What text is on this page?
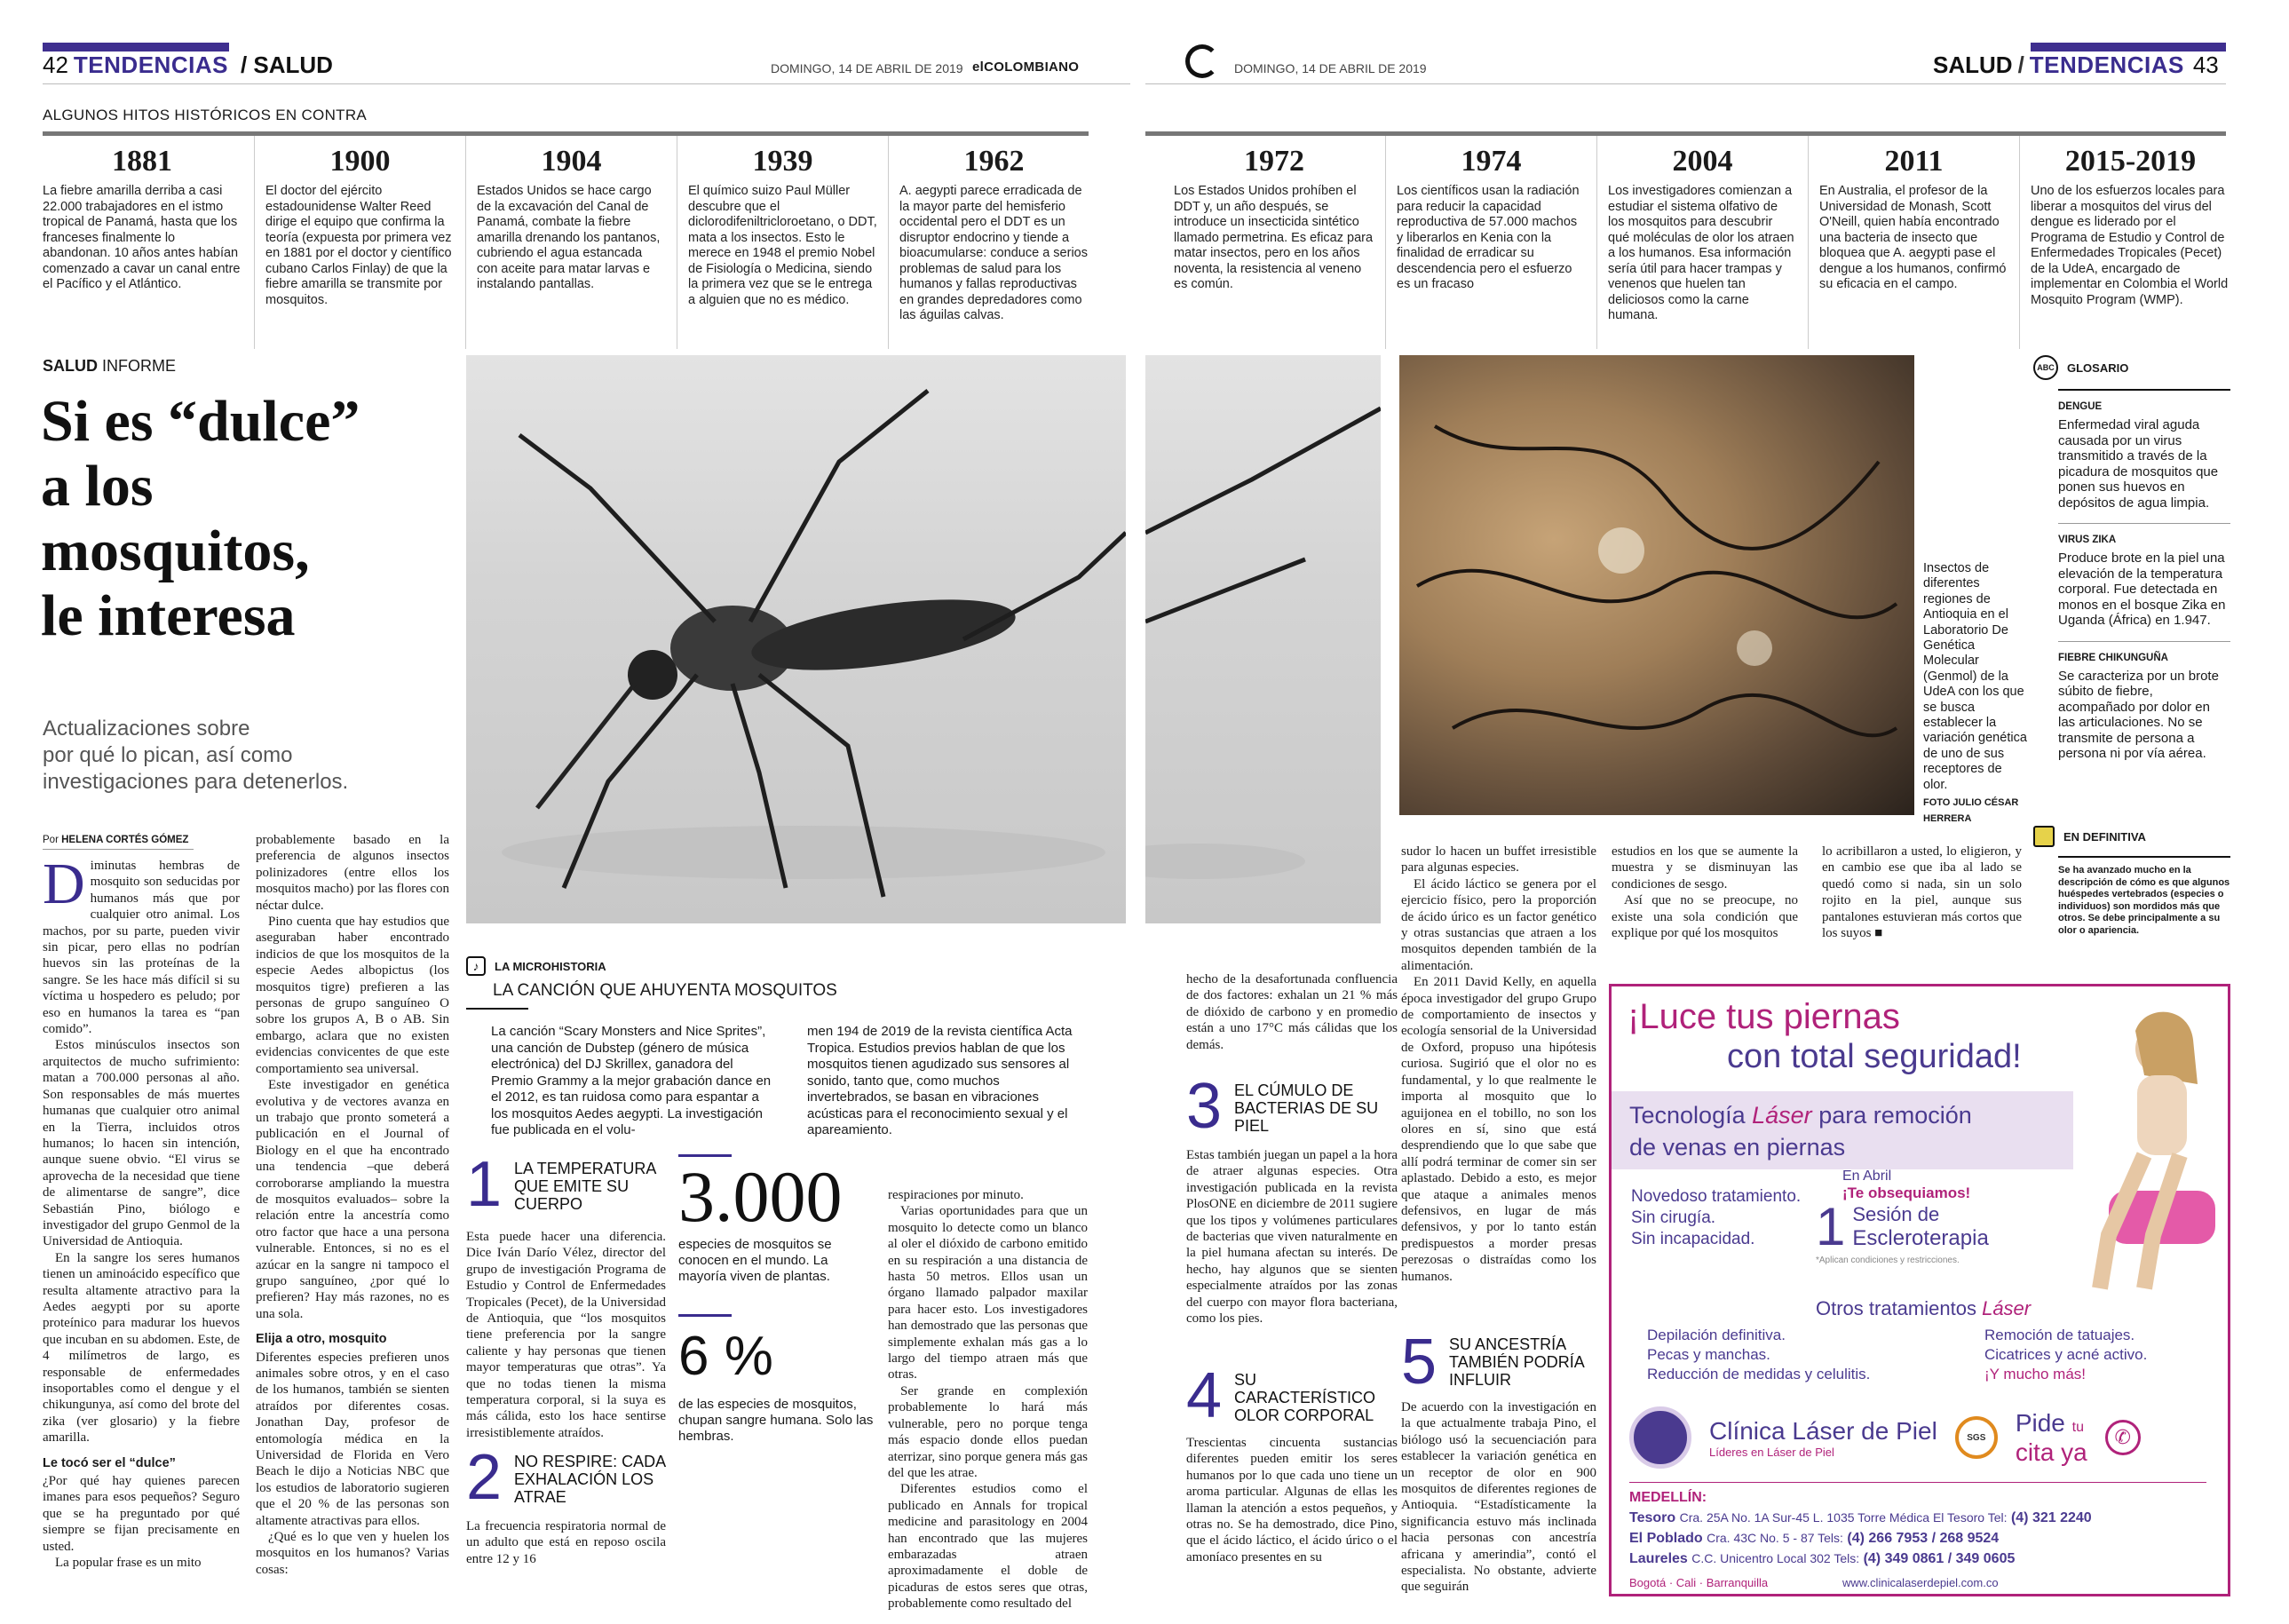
42 TENDENCIAS / SALUD	DOMINGO, 14 DE ABRIL DE 2019 elCOLOMBIANO	DOMINGO, 14 DE ABRIL DE 2019	SALUD / TENDENCIAS 43
ALGUNOS HITOS HISTÓRICOS EN CONTRA
1881
La fiebre amarilla derriba a casi 22.000 trabajadores en el istmo tropical de Panamá, hasta que los franceses finalmente lo abandonan. 10 años antes habían comenzado a cavar un canal entre el Pacífico y el Atlántico.
1900
El doctor del ejército estadounidense Walter Reed dirige el equipo que confirma la teoría (expuesta por primera vez en 1881 por el doctor y científico cubano Carlos Finlay) de que la fiebre amarilla se transmite por mosquitos.
1904
Estados Unidos se hace cargo de la excavación del Canal de Panamá, combate la fiebre amarilla drenando los pantanos, cubriendo el agua estancada con aceite para matar larvas e instalando pantallas.
1939
El químico suizo Paul Müller descubre que el diclorodifeniltricloroetano, o DDT, mata a los insectos. Esto le merece en 1948 el premio Nobel de Fisiología o Medicina, siendo la primera vez que se le entrega a alguien que no es médico.
1962
A. aegypti parece erradicada de la mayor parte del hemisferio occidental pero el DDT es un disruptor endocrino y tiende a bioacumularse: conduce a serios problemas de salud para los humanos y fallas reproductivas en grandes depredadores como las águilas calvas.
1972
Los Estados Unidos prohíben el DDT y, un año después, se introduce un insecticida sintético llamado permetrina. Es eficaz para matar insectos, pero en los años noventa, la resistencia al veneno es común.
1974
Los científicos usan la radiación para reducir la capacidad reproductiva de 57.000 machos y liberarlos en Kenia con la finalidad de erradicar su descendencia pero el esfuerzo es un fracaso
2004
Los investigadores comienzan a estudiar el sistema olfativo de los mosquitos para descubrir qué moléculas de olor los atraen a los humanos. Esa información sería útil para hacer trampas y venenos que huelen tan deliciosos como la carne humana.
2011
En Australia, el profesor de la Universidad de Monash, Scott O'Neill, quien había encontrado una bacteria de insecto que bloquea que A. aegypti pase el dengue a los humanos, confirmó su eficacia en el campo.
2015-2019
Uno de los esfuerzos locales para liberar a mosquitos del virus del dengue es liderado por el Programa de Estudio y Control de Enfermedades Tropicales (Pecet) de la UdeA, encargado de implementar en Colombia el World Mosquito Program (WMP).
SALUD INFORME
Si es “dulce”
a los
mosquitos,
le interesa
Actualizaciones sobre
por qué lo pican, así como
investigaciones para detenerlos.
Por HELENA CORTÉS GÓMEZ
D iminutas hembras de mosquito son seducidas por humanos más que por cualquier otro animal. Los machos, por su parte, pueden vivir sin picar, pero ellas no podrían huevos sin las proteínas de la sangre. Se les hace más difícil si su víctima u hospedero es peludo; por eso en humanos la tarea es “pan comido”.

Estos minúsculos insectos son arquitectos de mucho sufrimiento: matan a 700.000 personas al año. Son responsables de más muertes humanas que cualquier otro animal en la Tierra, incluidos otros humanos; lo hacen sin intención, aunque suene obvio. “El virus se aprovecha de la necesidad que tiene de alimentarse de sangre”, dice Sebastián Pino, biólogo e investigador del grupo Genmol de la Universidad de Antioquia.

En la sangre los seres humanos tienen un aminoácido específico que resulta altamente atractivo para la Aedes aegypti por su aporte proteínico para madurar los huevos que incuban en su abdomen. Este, de 4 milímetros de largo, es responsable de enfermedades insoportables como el dengue y el chikungunya, así como del brote del zika (ver glosario) y la fiebre amarilla.

Le tocó ser el “dulce”

¿Por qué hay quienes parecen imanes para esos pequeños? Seguro que se ha preguntado por qué siempre se fijan precisamente en usted.

La popular frase es un mito

probablemente basado en la preferencia de algunos insectos polinizadores (entre ellos los mosquitos macho) por las flores con néctar dulce.

Pino cuenta que hay estudios que aseguraban haber encontrado indicios de que los mosquitos de la especie Aedes albopictus (los mosquitos tigre) prefieren a las personas de grupo sanguíneo O sobre los grupos A, B o AB. Sin embargo, aclara que no existen evidencias convicentes de que este comportamiento sea universal.

Este investigador en genética evolutiva y de vectores avanza en un trabajo que pronto someterá a publicación en el Journal of Biology en el que ha encontrado una tendencia –que deberá corroborarse ampliando la muestra de mosquitos evaluados– sobre la relación entre la ancestría como otro factor que hace a una persona vulnerable. Entonces, si no es el azúcar en la sangre ni tampoco el grupo sanguíneo, ¿por qué lo prefieren? Hay más razones, no es una sola.

Elija a otro, mosquito

Diferentes especies prefieren unos animales sobre otros, y en el caso de los humanos, también se sienten atraídos por diferentes cosas. Jonathan Day, profesor de entomología médica en la Universidad de Florida en Vero Beach le dijo a Noticias NBC que los estudios de laboratorio sugieren que el 20 % de las personas son altamente atractivas para ellos.

¿Qué es lo que ven y huelen los mosquitos en los humanos? Varias cosas:

Insectos de diferentes regiones de Antioquia en el Laboratorio De Genética Molecular (Genmol) de la UdeA con los que se busca establecer la variación genética de uno de sus receptores de olor.
FOTO JULIO CÉSAR HERRERA
♪	LA MICROHISTORIA
LA CANCIÓN QUE AHUYENTA MOSQUITOS
La canción “Scary Monsters and Nice Sprites”, una canción de Dubstep (género de música electrónica) del DJ Skrillex, ganadora del Premio Grammy a la mejor grabación dance en el 2012, es tan ruidosa como para espantar a los mosquitos Aedes aegypti. La investigación fue publicada en el volu-
men 194 de 2019 de la revista científica Acta Tropica. Estudios previos hablan de que los mosquitos tienen agudizado sus sensores al sonido, tanto que, como muchos invertebrados, se basan en vibraciones acústicas para el reconocimiento sexual y el apareamiento.
1 LA TEMPERATURA QUE EMITE SU CUERPO
Esta puede hacer una diferencia. Dice Iván Darío Vélez, director del grupo de investigación Programa de Estudio y Control de Enfermedades Tropicales (Pecet), de la Universidad de Antioquia, que “los mosquitos tiene preferencia por la sangre caliente y hay personas que tienen mayor temperaturas que otras”. Ya que no todas tienen la misma temperatura corporal, si la suya es más cálida, esto los hace sentirse irresistiblemente atraídos.
2 NO RESPIRE: CADA EXHALACIÓN LOS ATRAE
La frecuencia respiratoria normal de un adulto que está en reposo oscila entre 12 y 16
3.000
especies de mosquitos se conocen en el mundo. La mayoría viven de plantas.
6 %
de las especies de mosquitos, chupan sangre humana. Solo las hembras.

respiraciones por minuto.

Varias oportunidades para que un mosquito lo detecte como un blanco al oler el dióxido de carbono emitido en su respiración a una distancia de hasta 50 metros. Ellos usan un órgano llamado palpador maxilar para hacer esto. Los investigadores han demostrado que las personas que simplemente exhalan más gas a lo largo del tiempo atraen más que otras.

Ser grande en complexión probablemente lo hará más vulnerable, pero no porque tenga más espacio donde ellos puedan aterrizar, sino porque genera más gas del que les atrae.

Diferentes estudios como el publicado en Annals for tropical medicine and parasitology en 2004 han encontrado que las mujeres embarazadas atraen aproximadamente el doble de picaduras de estos seres que otras, probablemente como resultado del

hecho de la desafortunada confluencia de dos factores: exhalan un 21 % más de dióxido de carbono y en promedio están a uno 17°C más cálidas que los demás.

3 EL CÚMULO DE BACTERIAS DE SU PIEL
Estas también juegan un papel a la hora de atraer algunas especies. Otra investigación publicada en la revista PlosONE en diciembre de 2011 sugiere que los tipos y volúmenes particulares de bacterias que viven naturalmente en la piel humana afectan su interés. De hecho, hay algunos que se sienten especialmente atraídos por las zonas del cuerpo con mayor flora bacteriana, como los pies.
4 SU CARACTERÍSTICO OLOR CORPORAL
Trescientas cincuenta sustancias diferentes pueden emitir los seres humanos por lo que cada uno tiene un aroma particular. Algunas de ellas les llaman la atención a estos pequeños, y otras no. Se ha demostrado, dice Pino, que el ácido láctico, el ácido úrico o el amoníaco presentes en su

sudor lo hacen un buffet irresistible para algunas especies.

El ácido láctico se genera por el ejercicio físico, pero la proporción de ácido úrico es un factor genético y otras sustancias que atraen a los mosquitos dependen también de la alimentación.

En 2011 David Kelly, en aquella época investigador del grupo Grupo de comportamiento de insectos y ecología sensorial de la Universidad de Oxford, propuso una hipótesis curiosa. Sugirió que el olor no es fundamental, y lo que realmente le importa al mosquito que lo aguijonea en el tobillo, no son los olores en sí, sino que está desprendiendo que lo que sabe que allí podrá terminar de comer sin ser aplastado. Debido a esto, es mejor que ataque a animales menos defensivos, en lugar de más defensivos, y por lo tanto están predispuestos a morder presas perezosas o distraídas como los humanos.

5 SU ANCESTRÍA TAMBIÉN PODRÍA INFLUIR
De acuerdo con la investigación en la que actualmente trabaja Pino, el biólogo usó la secuenciación para establecer la variación genética en un receptor de olor en 900 mosquitos de diferentes regiones de Antioquia. “Estadísticamente la significancia estuvo más inclinada hacia personas con ancestría africana y amerindia”, contó el especialista. No obstante, advierte que seguirán

estudios en los que se aumente la muestra y se disminuyan las condiciones de sesgo.

Así que no se preocupe, no existe una sola condición que explique por qué los mosquitos

lo acribillaron a usted, lo eligieron, y en cambio ese que iba al lado se quedó como si nada, sin un solo rojito en la piel, aunque sus pantalones estuvieran más cortos que los suyos ■

ABC	GLOSARIO
DENGUE
Enfermedad viral aguda causada por un virus transmitido a través de la picadura de mosquitos que ponen sus huevos en depósitos de agua limpia.
VIRUS ZIKA
Produce brote en la piel una elevación de la temperatura corporal. Fue detectada en monos en el bosque Zika en Uganda (África) en 1.947.
FIEBRE CHIKUNGUÑA
Se caracteriza por un brote súbito de fiebre, acompañado por dolor en las articulaciones. No se transmite de persona a persona ni por vía aérea.
EN DEFINITIVA
Se ha avanzado mucho en la descripción de cómo es que algunos huéspedes vertebrados (especies o individuos) son mordidos más que otros. Se debe principalmente a su olor o apariencia.
¡Luce tus piernas
con total seguridad!
Tecnología Láser para remoción
de venas en piernas
Novedoso tratamiento.
Sin cirugía.
Sin incapacidad.
En Abril
¡Te obsequiamos!
1 Sesión de
Escleroterapia
*Aplican condiciones y restricciones.
Otros tratamientos Láser
Depilación definitiva.
Pecas y manchas.
Reducción de medidas y celulitis.
Remoción de tatuajes.
Cicatrices y acné activo.
¡Y mucho más!
Clínica Láser de Piel
Líderes en Láser de Piel
SGS
Pide tu
cita ya
✆
MEDELLÍN:
Tesoro Cra. 25A No. 1A Sur-45 L. 1035 Torre Médica El Tesoro Tel: (4) 321 2240
El Poblado Cra. 43C No. 5 - 87 Tels: (4) 266 7953 / 268 9524
Laureles C.C. Unicentro Local 302 Tels: (4) 349 0861 / 349 0605
Bogotá · Cali · Barranquilla	www.clinicalaserdepiel.com.co
